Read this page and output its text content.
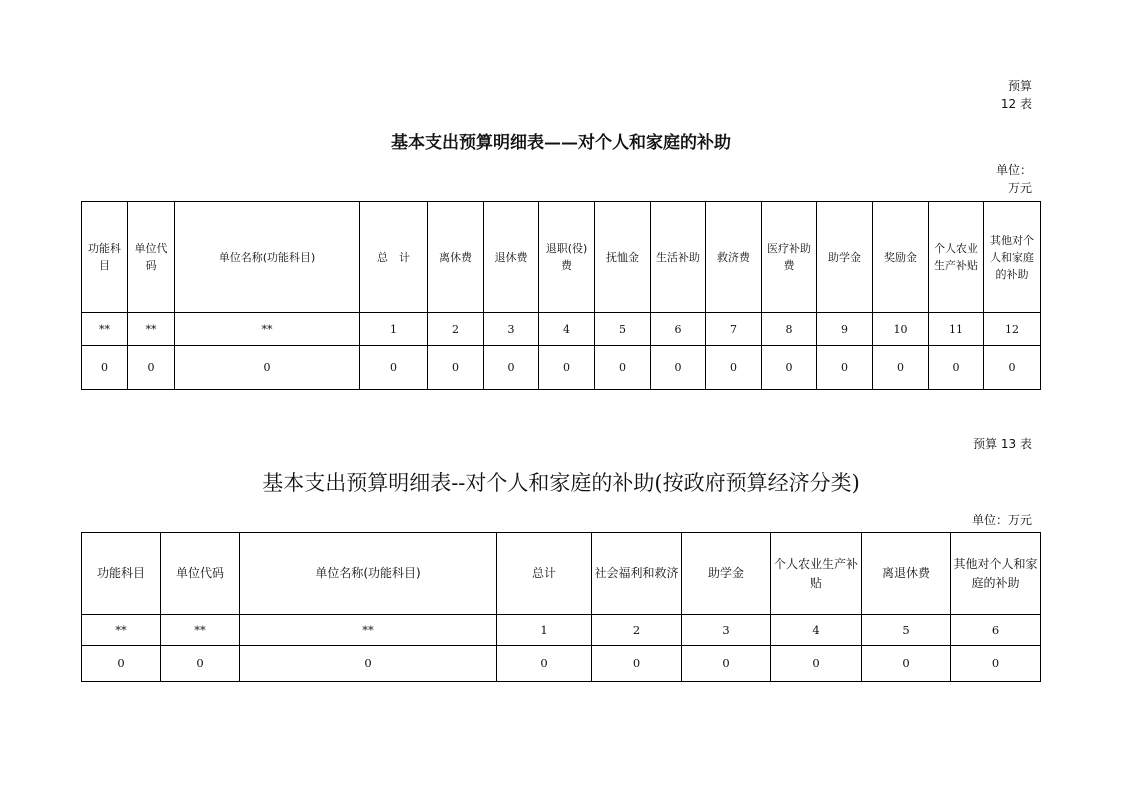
预算
12 表
基本支出预算明细表——对个人和家庭的补助
单位：
万元
功能科目	单位代码	单位名称(功能科目)	总　计	离休费	退休费	退职(役)费	抚恤金	生活补助	救济费	医疗补助费	助学金	奖励金	个人农业生产补贴	其他对个人和家庭的补助
**	**	**	1	2	3	4	5	6	7	8	9	10	11	12
0	0	0	0	0	0	0	0	0	0	0	0	0	0	0
预算 13 表
基本支出预算明细表--对个人和家庭的补助(按政府预算经济分类)
单位：万元
功能科目	单位代码	单位名称(功能科目)	总计	社会福利和救济	助学金	个人农业生产补贴	离退休费	其他对个人和家庭的补助
**	**	**	1	2	3	4	5	6
0	0	0	0	0	0	0	0	0
